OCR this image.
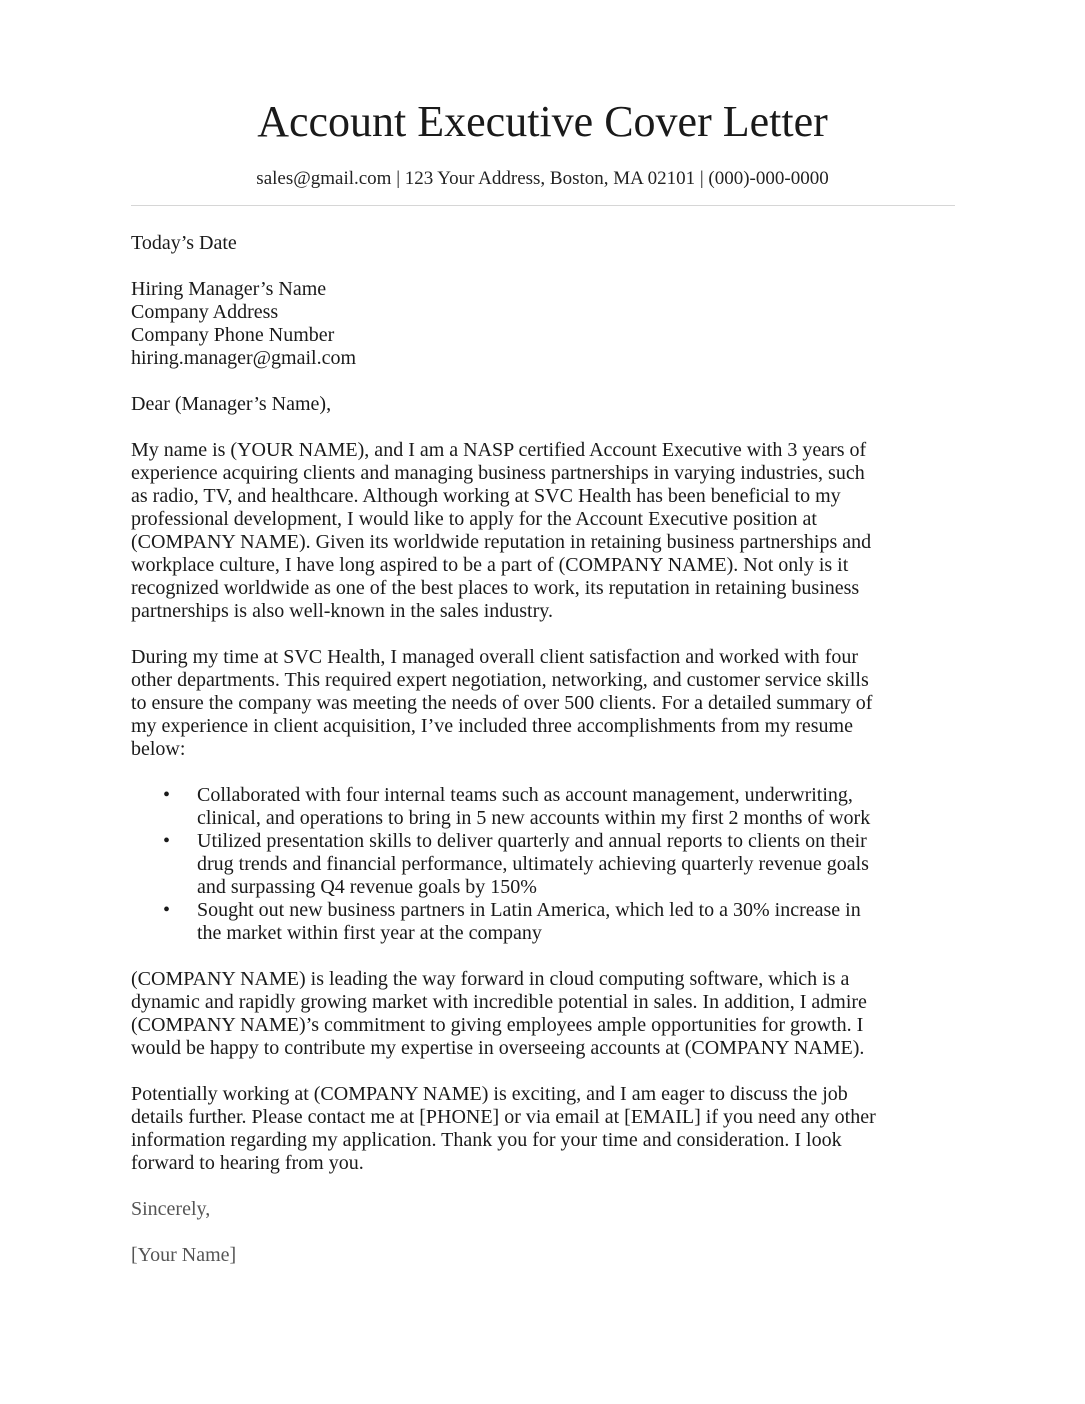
Account Executive Cover Letter
sales@gmail.com | 123 Your Address, Boston, MA 02101 | (000)-000-0000

Today’s Date

Hiring Manager’s Name

Company Address

Company Phone Number

hiring.manager@gmail.com

Dear (Manager’s Name),

My name is (YOUR NAME), and I am a NASP certified Account Executive with 3 years of
experience acquiring clients and managing business partnerships in varying industries, such
as radio, TV, and healthcare. Although working at SVC Health has been beneficial to my
professional development, I would like to apply for the Account Executive position at
(COMPANY NAME). Given its worldwide reputation in retaining business partnerships and
workplace culture, I have long aspired to be a part of (COMPANY NAME). Not only is it
recognized worldwide as one of the best places to work, its reputation in retaining business
partnerships is also well-known in the sales industry.
During my time at SVC Health, I managed overall client satisfaction and worked with four
other departments. This required expert negotiation, networking, and customer service skills
to ensure the company was meeting the needs of over 500 clients. For a detailed summary of
my experience in client acquisition, I’ve included three accomplishments from my resume
below:
• Collaborated with four internal teams such as account management, underwriting,
clinical, and operations to bring in 5 new accounts within my first 2 months of work
• Utilized presentation skills to deliver quarterly and annual reports to clients on their
drug trends and financial performance, ultimately achieving quarterly revenue goals
and surpassing Q4 revenue goals by 150%
• Sought out new business partners in Latin America, which led to a 30% increase in
the market within first year at the company
(COMPANY NAME) is leading the way forward in cloud computing software, which is a
dynamic and rapidly growing market with incredible potential in sales. In addition, I admire
(COMPANY NAME)’s commitment to giving employees ample opportunities for growth. I
would be happy to contribute my expertise in overseeing accounts at (COMPANY NAME).
Potentially working at (COMPANY NAME) is exciting, and I am eager to discuss the job
details further. Please contact me at [PHONE] or via email at [EMAIL] if you need any other
information regarding my application. Thank you for your time and consideration. I look
forward to hearing from you.

Sincerely,

[Your Name]
